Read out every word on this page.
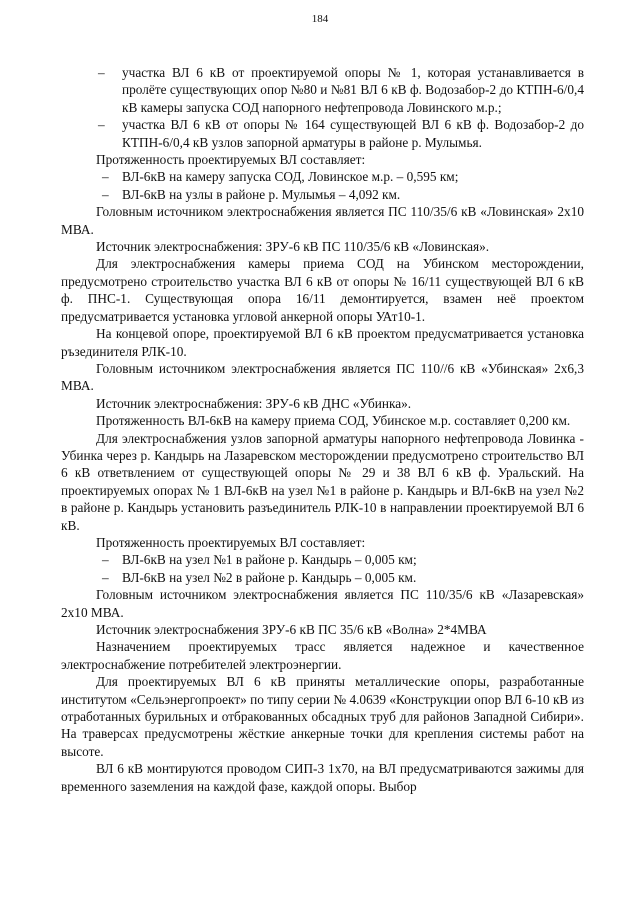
184
– участка ВЛ 6 кВ от проектируемой опоры № 1, которая устанавливается в пролёте существующих опор №80 и №81 ВЛ 6 кВ ф. Водозабор-2 до КТПН-6/0,4 кВ камеры запуска СОД напорного нефтепровода Ловинского м.р.;
– участка ВЛ 6 кВ от опоры № 164 существующей ВЛ 6 кВ ф. Водозабор-2 до КТПН-6/0,4 кВ узлов запорной арматуры в районе р. Мулымья.

Протяженность проектируемых ВЛ составляет:

– ВЛ-6кВ на камеру запуска СОД, Ловинское м.р. – 0,595 км;
– ВЛ-6кВ на узлы в районе р. Мулымья – 4,092 км.

Головным источником электроснабжения является ПС 110/35/6 кВ «Ловинская» 2х10 МВА.

Источник электроснабжения: ЗРУ-6 кВ ПС 110/35/6 кВ «Ловинская».

Для электроснабжения камеры приема СОД на Убинском месторождении, предусмотрено строительство участка ВЛ 6 кВ от опоры № 16/11 существующей ВЛ 6 кВ ф. ПНС-1. Существующая опора 16/11 демонтируется, взамен неё проектом предусматривается установка угловой анкерной опоры УАт10-1.

На концевой опоре, проектируемой ВЛ 6 кВ проектом предусматривается установка ръзединителя РЛК-10.

Головным источником электроснабжения является ПС 110//6 кВ «Убинская» 2х6,3 МВА.

Источник электроснабжения: ЗРУ-6 кВ ДНС «Убинка».

Протяженность ВЛ-6кВ на камеру приема СОД, Убинское м.р. составляет 0,200 км.

Для электроснабжения узлов запорной арматуры напорного нефтепровода Ловинка - Убинка через р. Кандырь на Лазаревском месторождении предусмотрено строительство ВЛ 6 кВ ответвлением от существующей опоры № 29 и 38 ВЛ 6 кВ ф. Уральский. На проектируемых опорах № 1 ВЛ-6кВ на узел №1 в районе р. Кандырь и ВЛ-6кВ на узел №2 в районе р. Кандырь установить разъединитель РЛК-10 в направлении проектируемой ВЛ 6 кВ.

Протяженность проектируемых ВЛ составляет:

– ВЛ-6кВ на узел №1 в районе р. Кандырь – 0,005 км;
– ВЛ-6кВ на узел №2 в районе р. Кандырь – 0,005 км.

Головным источником электроснабжения является ПС 110/35/6 кВ «Лазаревская» 2х10 МВА.

Источник электроснабжения ЗРУ-6 кВ ПС 35/6 кВ «Волна» 2*4МВА

Назначением проектируемых трасс является надежное и качественное электроснабжение потребителей электроэнергии.

Для проектируемых ВЛ 6 кВ приняты металлические опоры, разработанные институтом «Сельэнергопроект» по типу серии № 4.0639 «Конструкции опор ВЛ 6-10 кВ из отработанных бурильных и отбракованных обсадных труб для районов Западной Сибири». На траверсах предусмотрены жёсткие анкерные точки для крепления системы работ на высоте.

ВЛ 6 кВ монтируются проводом СИП-3 1х70, на ВЛ предусматриваются зажимы для временного заземления на каждой фазе, каждой опоры. Выбор
